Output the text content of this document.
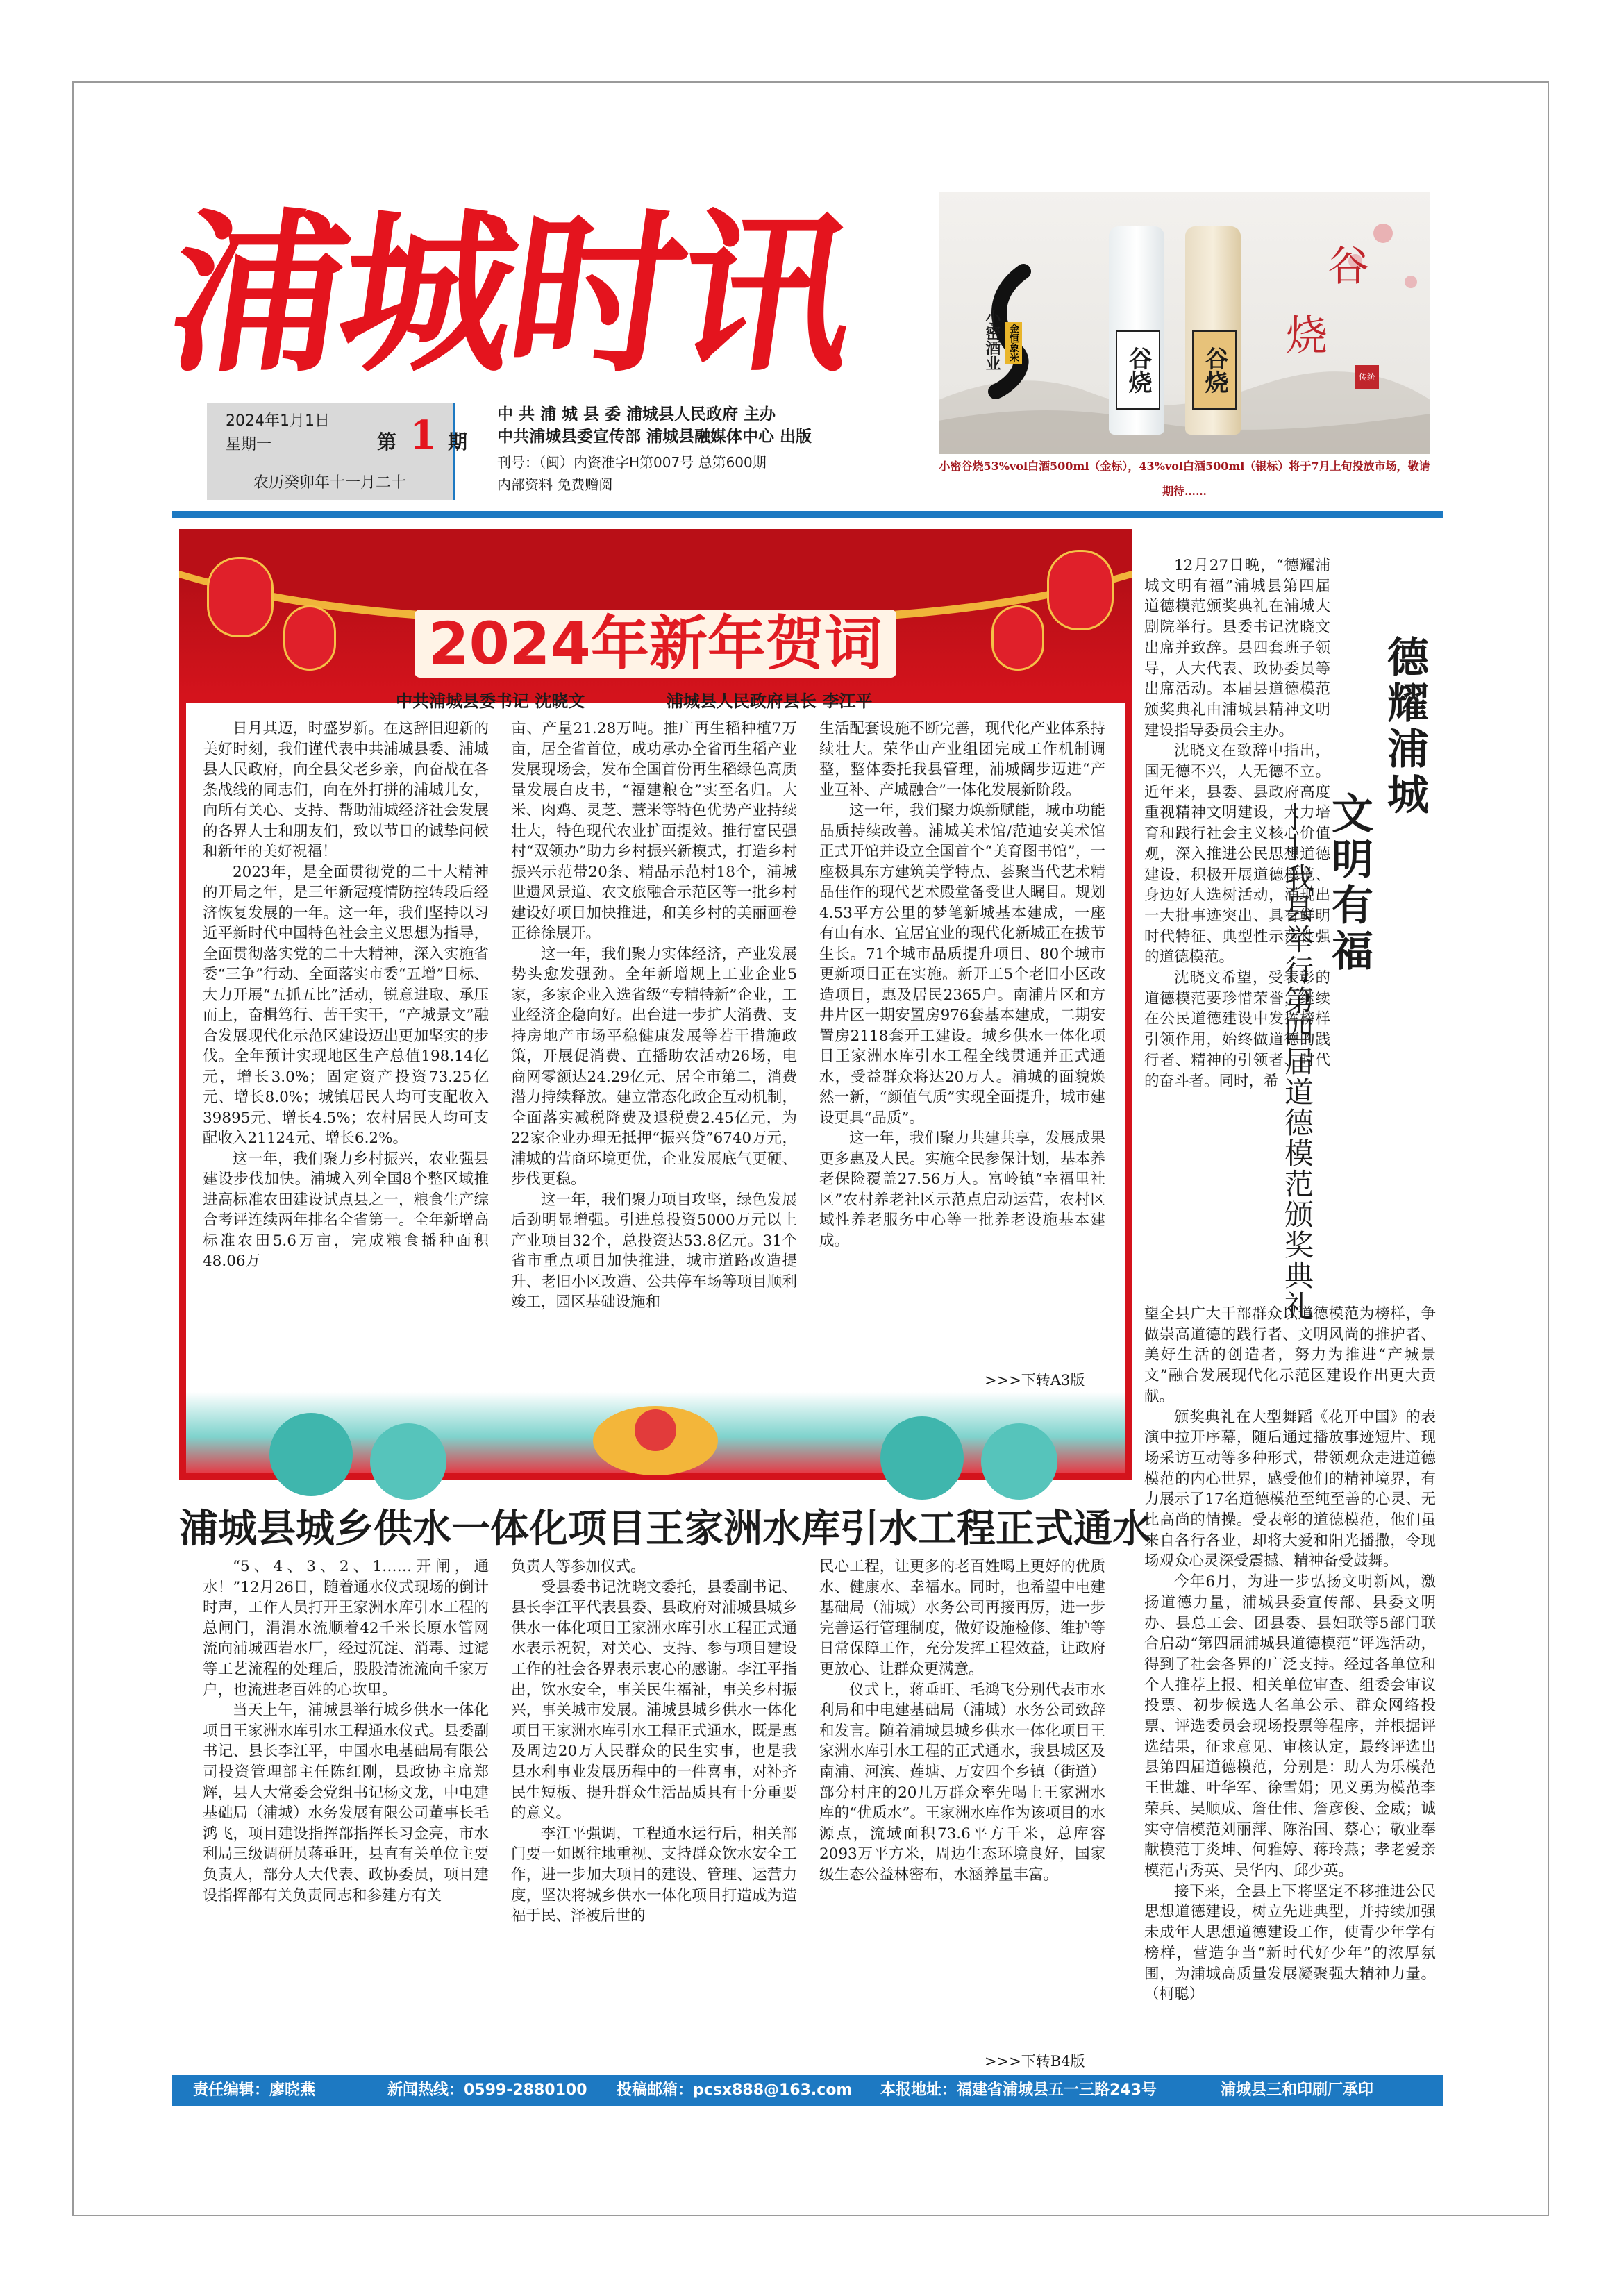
浦城时讯
2024年1月1日
星期一	第 1 期
农历癸卯年十一月二十
中 共 浦 城 县 委 浦城县人民政府 主办
中共浦城县委宣传部 浦城县融媒体中心 出版
刊号：（闽）内资准字H第007号 总第600期
内部资料 免费赠阅
小密酒业 金恒象米
谷烧	谷烧
谷
烧
传统
小密谷烧53%vol白酒500ml（金标），43%vol白酒500ml（银标）将于7月上旬投放市场，敬请期待……
2024年新年贺词
中共浦城县委书记 沈晓文	浦城县人民政府县长 李江平

日月其迈，时盛岁新。在这辞旧迎新的美好时刻，我们谨代表中共浦城县委、浦城县人民政府，向全县父老乡亲，向奋战在各条战线的同志们，向在外打拼的浦城儿女，向所有关心、支持、帮助浦城经济社会发展的各界人士和朋友们，致以节日的诚挚问候和新年的美好祝福！

2023年，是全面贯彻党的二十大精神的开局之年，是三年新冠疫情防控转段后经济恢复发展的一年。这一年，我们坚持以习近平新时代中国特色社会主义思想为指导，全面贯彻落实党的二十大精神，深入实施省委“三争”行动、全面落实市委“五增”目标、大力开展“五抓五比”活动，锐意进取、承压而上，奋楫笃行、苦干实干，“产城景文”融合发展现代化示范区建设迈出更加坚实的步伐。全年预计实现地区生产总值198.14亿元，增长3.0%；固定资产投资73.25亿元、增长8.0%；城镇居民人均可支配收入39895元、增长4.5%；农村居民人均可支配收入21124元、增长6.2%。

这一年，我们聚力乡村振兴，农业强县建设步伐加快。浦城入列全国8个整区域推进高标准农田建设试点县之一，粮食生产综合考评连续两年排名全省第一。全年新增高标准农田5.6万亩，完成粮食播种面积48.06万

亩、产量21.28万吨。推广再生稻种植7万亩，居全省首位，成功承办全省再生稻产业发展现场会，发布全国首份再生稻绿色高质量发展白皮书，“福建粮仓”实至名归。大米、肉鸡、灵芝、薏米等特色优势产业持续壮大，特色现代农业扩面提效。推行富民强村“双领办”助力乡村振兴新模式，打造乡村振兴示范带20条、精品示范村18个，浦城世遗风景道、农文旅融合示范区等一批乡村建设好项目加快推进，和美乡村的美丽画卷正徐徐展开。

这一年，我们聚力实体经济，产业发展势头愈发强劲。全年新增规上工业企业5家，多家企业入选省级“专精特新”企业，工业经济企稳向好。出台进一步扩大消费、支持房地产市场平稳健康发展等若干措施政策，开展促消费、直播助农活动26场，电商网零额达24.29亿元、居全市第二，消费潜力持续释放。建立常态化政企互动机制，全面落实减税降费及退税费2.45亿元，为22家企业办理无抵押“振兴贷”6740万元，浦城的营商环境更优，企业发展底气更硬、步伐更稳。

这一年，我们聚力项目攻坚，绿色发展后劲明显增强。引进总投资5000万元以上产业项目32个，总投资达53.8亿元。31个省市重点项目加快推进，城市道路改造提升、老旧小区改造、公共停车场等项目顺利竣工，园区基础设施和

生活配套设施不断完善，现代化产业体系持续壮大。荣华山产业组团完成工作机制调整，整体委托我县管理，浦城阔步迈进“产业互补、产城融合”一体化发展新阶段。

这一年，我们聚力焕新赋能，城市功能品质持续改善。浦城美术馆/范迪安美术馆正式开馆并设立全国首个“美育图书馆”，一座极具东方建筑美学特点、荟聚当代艺术精品佳作的现代艺术殿堂备受世人瞩目。规划4.53平方公里的梦笔新城基本建成，一座有山有水、宜居宜业的现代化新城正在拔节生长。71个城市品质提升项目、80个城市更新项目正在实施。新开工5个老旧小区改造项目，惠及居民2365户。南浦片区和方井片区一期安置房976套基本建成，二期安置房2118套开工建设。城乡供水一体化项目王家洲水库引水工程全线贯通并正式通水，受益群众将达20万人。浦城的面貌焕然一新，“颜值气质”实现全面提升，城市建设更具“品质”。

这一年，我们聚力共建共享，发展成果更多惠及人民。实施全民参保计划，基本养老保险覆盖27.56万人。富岭镇“幸福里社区”农村养老社区示范点启动运营，农村区域性养老服务中心等一批养老设施基本建成。

>>>下转A3版
德耀浦城
文明有福
——我县举行第四届道德模范颁奖典礼

12月27日晚，“德耀浦城文明有福”浦城县第四届道德模范颁奖典礼在浦城大剧院举行。县委书记沈晓文出席并致辞。县四套班子领导，人大代表、政协委员等出席活动。本届县道德模范颁奖典礼由浦城县精神文明建设指导委员会主办。

沈晓文在致辞中指出，国无德不兴，人无德不立。近年来，县委、县政府高度重视精神文明建设，大力培育和践行社会主义核心价值观，深入推进公民思想道德建设，积极开展道德模范、身边好人选树活动，涌现出一大批事迹突出、具有鲜明时代特征、典型性示范性强的道德模范。

沈晓文希望，受表彰的道德模范要珍惜荣誉，继续在公民道德建设中发挥榜样引领作用，始终做道德的践行者、精神的引领者、时代的奋斗者。同时，希

望全县广大干部群众以道德模范为榜样，争做崇高道德的践行者、文明风尚的推护者、美好生活的创造者，努力为推进“产城景文”融合发展现代化示范区建设作出更大贡献。

颁奖典礼在大型舞蹈《花开中国》的表演中拉开序幕，随后通过播放事迹短片、现场采访互动等多种形式，带领观众走进道德模范的内心世界，感受他们的精神境界，有力展示了17名道德模范至纯至善的心灵、无比高尚的情操。受表彰的道德模范，他们虽来自各行各业，却将大爱和阳光播撒，令现场观众心灵深受震撼、精神备受鼓舞。

今年6月，为进一步弘扬文明新风，激扬道德力量，浦城县委宣传部、县委文明办、县总工会、团县委、县妇联等5部门联合启动“第四届浦城县道德模范”评选活动，得到了社会各界的广泛支持。经过各单位和个人推荐上报、相关单位审查、组委会审议投票、初步候选人名单公示、群众网络投票、评选委员会现场投票等程序，并根据评选结果，征求意见、审核认定，最终评选出县第四届道德模范，分别是：助人为乐模范王世雄、叶华军、徐雪娟；见义勇为模范李荣兵、吴顺成、詹仕伟、詹彦俊、金威；诚实守信模范刘丽萍、陈治国、蔡心；敬业奉献模范丁炎坤、何雅婷、蒋玲燕；孝老爱亲模范占秀英、吴华内、邱少英。

接下来，全县上下将坚定不移推进公民思想道德建设，树立先进典型，并持续加强未成年人思想道德建设工作，使青少年学有榜样，营造争当“新时代好少年”的浓厚氛围，为浦城高质量发展凝聚强大精神力量。 （柯聪）

浦城县城乡供水一体化项目王家洲水库引水工程正式通水

“5、4、3、2、1……开闸，通水！”12月26日，随着通水仪式现场的倒计时声，工作人员打开王家洲水库引水工程的总闸门，涓涓水流顺着42千米长原水管网流向浦城西岩水厂，经过沉淀、消毒、过滤等工艺流程的处理后，股股清流流向千家万户，也流进老百姓的心坎里。

当天上午，浦城县举行城乡供水一体化项目王家洲水库引水工程通水仪式。县委副书记、县长李江平，中国水电基础局有限公司投资管理部主任陈红刚，县政协主席郑辉，县人大常委会党组书记杨文龙，中电建基础局（浦城）水务发展有限公司董事长毛鸿飞，项目建设指挥部指挥长习金亮，市水利局三级调研员蒋垂旺，县直有关单位主要负责人，部分人大代表、政协委员，项目建设指挥部有关负责同志和参建方有关

负责人等参加仪式。

受县委书记沈晓文委托，县委副书记、县长李江平代表县委、县政府对浦城县城乡供水一体化项目王家洲水库引水工程正式通水表示祝贺，对关心、支持、参与项目建设工作的社会各界表示衷心的感谢。李江平指出，饮水安全，事关民生福祉，事关乡村振兴，事关城市发展。浦城县城乡供水一体化项目王家洲水库引水工程正式通水，既是惠及周边20万人民群众的民生实事，也是我县水利事业发展历程中的一件喜事，对补齐民生短板、提升群众生活品质具有十分重要的意义。

李江平强调，工程通水运行后，相关部门要一如既往地重视、支持群众饮水安全工作，进一步加大项目的建设、管理、运营力度，坚决将城乡供水一体化项目打造成为造福于民、泽被后世的

民心工程，让更多的老百姓喝上更好的优质水、健康水、幸福水。同时，也希望中电建基础局（浦城）水务公司再接再厉，进一步完善运行管理制度，做好设施检修、维护等日常保障工作，充分发挥工程效益，让政府更放心、让群众更满意。

仪式上，蒋垂旺、毛鸿飞分别代表市水利局和中电建基础局（浦城）水务公司致辞和发言。随着浦城县城乡供水一体化项目王家洲水库引水工程的正式通水，我县城区及南浦、河滨、莲塘、万安四个乡镇（街道）部分村庄的20几万群众率先喝上王家洲水库的“优质水”。王家洲水库作为该项目的水源点，流域面积73.6平方千米，总库容2093万平方米，周边生态环境良好，国家级生态公益林密布，水涵养量丰富。

>>>下转B4版
责任编辑：廖晓燕	新闻热线：0599-2880100 投稿邮箱：pcsx888@163.com 本报地址：福建省浦城县五一三路243号	浦城县三和印刷厂承印
